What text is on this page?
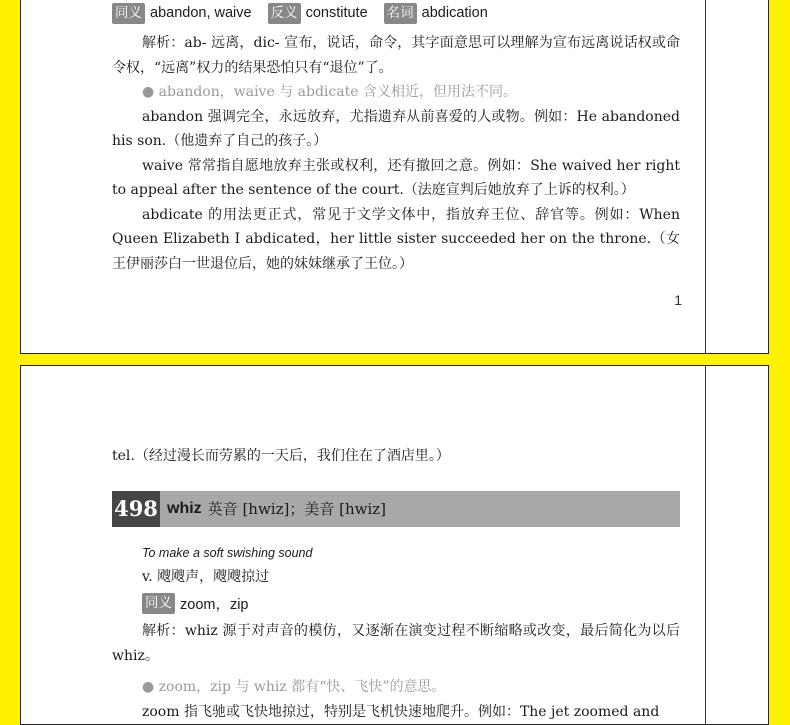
同义 abandon, waive 反义 constitute 名词 abdication

解析：ab- 远离，dic- 宣布，说话，命令，其字面意思可以理解为宣布远离说话权或命令权，“远离”权力的结果恐怕只有“退位”了。

● abandon，waive 与 abdicate 含义相近，但用法不同。

abandon 强调完全，永远放弃，尤指遗弃从前喜爱的人或物。例如：He abandoned his son.（他遗弃了自己的孩子。）

waive 常常指自愿地放弃主张或权利，还有撤回之意。例如：She waived her right to appeal after the sentence of the court.（法庭宣判后她放弃了上诉的权利。）

abdicate 的用法更正式，常见于文学文体中，指放弃王位、辞官等。例如：When Queen Elizabeth Ⅰ abdicated，her little sister succeeded her on the throne.（女王伊丽莎白一世退位后，她的妹妹继承了王位。）

1

tel.（经过漫长而劳累的一天后，我们住在了酒店里。）

498 whiz 英音 [hwiz]；美音 [hwiz]
To make a soft swishing sound

v. 飕飕声，飕飕掠过

同义 zoom，zip

解析：whiz 源于对声音的模仿，又逐渐在演变过程不断缩略或改变，最后简化为以后 whiz。

● zoom，zip 与 whiz 都有“快、飞快”的意思。

zoom 指飞驰或飞快地掠过，特别是飞机快速地爬升。例如：The jet zoomed and
